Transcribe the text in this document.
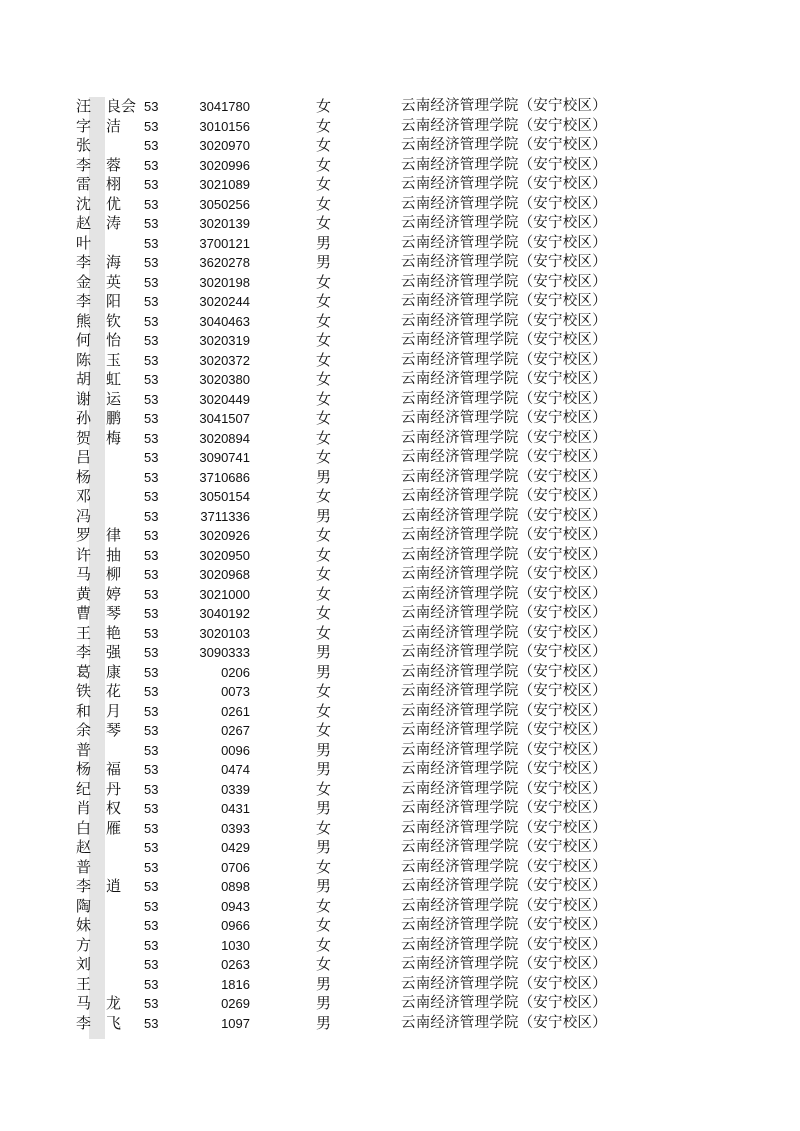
汪 良会 53	3041780	女	云南经济管理学院（安宁校区）
字 洁 53	3010156	女	云南经济管理学院（安宁校区）
张	53	3020970	女	云南经济管理学院（安宁校区）
李 蓉 53	3020996	女	云南经济管理学院（安宁校区）
雷 栩 53	3021089	女	云南经济管理学院（安宁校区）
沈 优 53	3050256	女	云南经济管理学院（安宁校区）
赵 涛 53	3020139	女	云南经济管理学院（安宁校区）
叶	53	3700121	男	云南经济管理学院（安宁校区）
李 海 53	3620278	男	云南经济管理学院（安宁校区）
金 英 53	3020198	女	云南经济管理学院（安宁校区）
李 阳 53	3020244	女	云南经济管理学院（安宁校区）
熊 钦 53	3040463	女	云南经济管理学院（安宁校区）
何 怡 53	3020319	女	云南经济管理学院（安宁校区）
陈 玉 53	3020372	女	云南经济管理学院（安宁校区）
胡 虹 53	3020380	女	云南经济管理学院（安宁校区）
谢 运 53	3020449	女	云南经济管理学院（安宁校区）
孙 鹏 53	3041507	女	云南经济管理学院（安宁校区）
贺 梅 53	3020894	女	云南经济管理学院（安宁校区）
吕	53	3090741	女	云南经济管理学院（安宁校区）
杨	53	3710686	男	云南经济管理学院（安宁校区）
邓	53	3050154	女	云南经济管理学院（安宁校区）
冯	53	3711336	男	云南经济管理学院（安宁校区）
罗 律 53	3020926	女	云南经济管理学院（安宁校区）
许 抽 53	3020950	女	云南经济管理学院（安宁校区）
马 柳 53	3020968	女	云南经济管理学院（安宁校区）
黄 婷 53	3021000	女	云南经济管理学院（安宁校区）
曹 琴 53	3040192	女	云南经济管理学院（安宁校区）
王 艳 53	3020103	女	云南经济管理学院（安宁校区）
李 强 53	3090333	男	云南经济管理学院（安宁校区）
葛 康 53	0206	男	云南经济管理学院（安宁校区）
铁 花 53	0073	女	云南经济管理学院（安宁校区）
和 月 53	0261	女	云南经济管理学院（安宁校区）
余 琴 53	0267	女	云南经济管理学院（安宁校区）
普	53	0096	男	云南经济管理学院（安宁校区）
杨 福 53	0474	男	云南经济管理学院（安宁校区）
纪 丹 53	0339	女	云南经济管理学院（安宁校区）
肖 权 53	0431	男	云南经济管理学院（安宁校区）
白 雁 53	0393	女	云南经济管理学院（安宁校区）
赵	53	0429	男	云南经济管理学院（安宁校区）
普	53	0706	女	云南经济管理学院（安宁校区）
李 逍 53	0898	男	云南经济管理学院（安宁校区）
陶	53	0943	女	云南经济管理学院（安宁校区）
妹	53	0966	女	云南经济管理学院（安宁校区）
方	53	1030	女	云南经济管理学院（安宁校区）
刘	53	0263	女	云南经济管理学院（安宁校区）
王	53	1816	男	云南经济管理学院（安宁校区）
马 龙 53	0269	男	云南经济管理学院（安宁校区）
李 飞 53	1097	男	云南经济管理学院（安宁校区）
